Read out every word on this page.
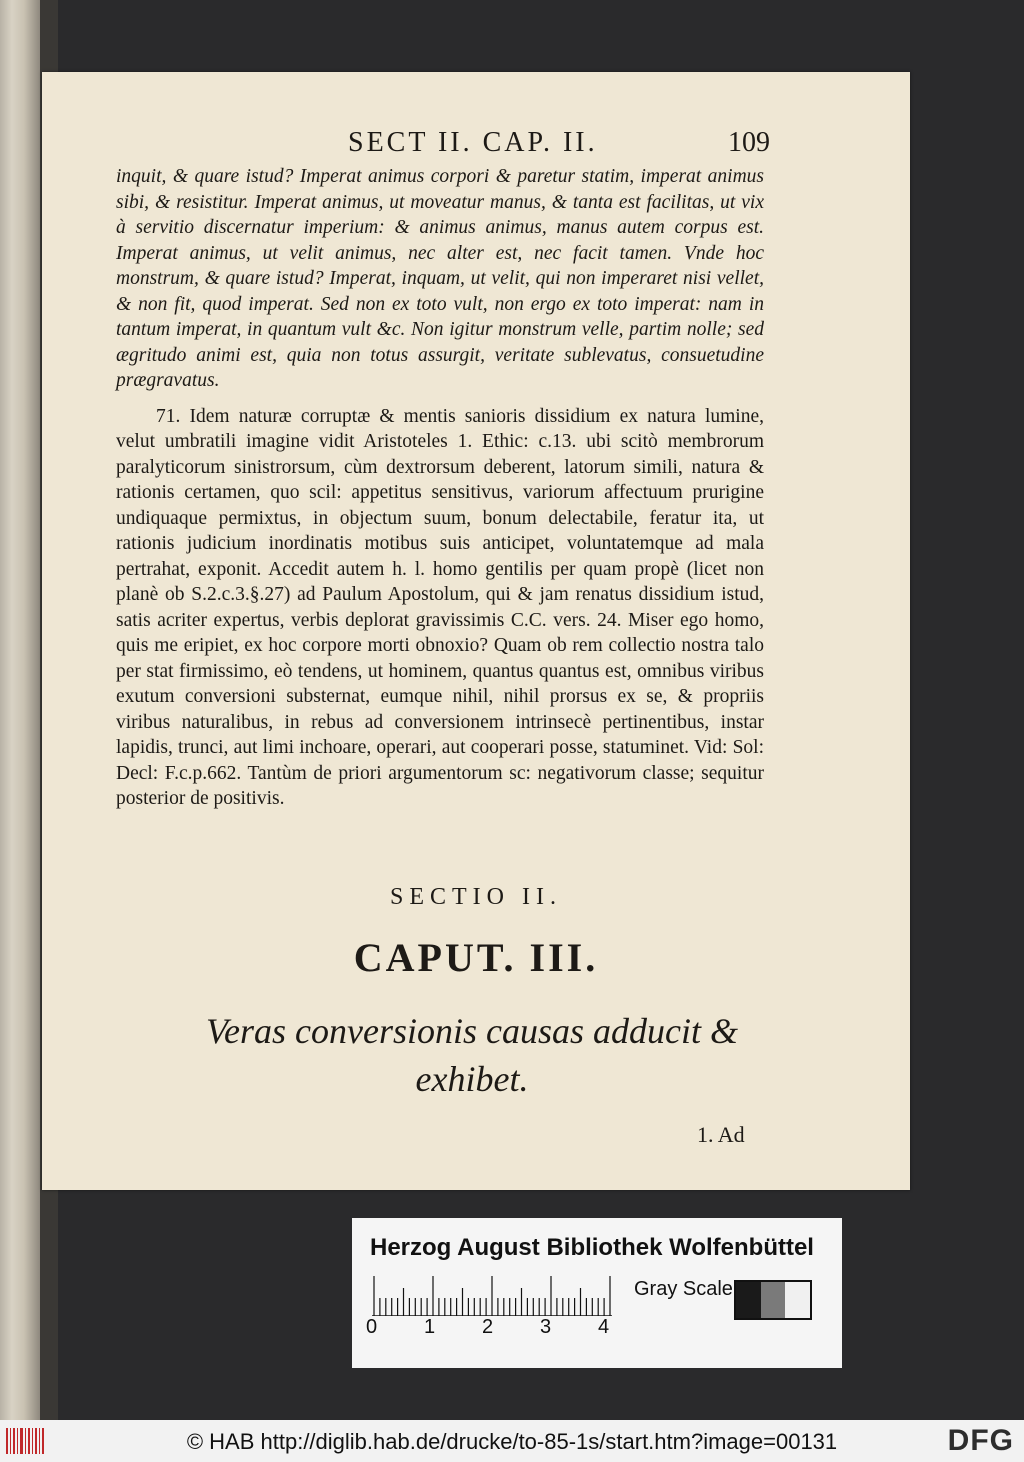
SECT II. CAP. II.	109

inquit, & quare istud? Imperat animus corpori & paretur statim, imperat animus sibi, & resistitur. Imperat animus, ut moveatur manus, & tanta est facilitas, ut vix à servitio discernatur imperium: & animus animus, manus autem corpus est. Imperat animus, ut velit animus, nec alter est, nec facit tamen. Vnde hoc monstrum, & quare istud? Imperat, inquam, ut velit, qui non imperaret nisi vellet, & non fit, quod imperat. Sed non ex toto vult, non ergo ex toto imperat: nam in tantum imperat, in quantum vult &c. Non igitur monstrum velle, partim nolle; sed ægritudo animi est, quia non totus assurgit, veritate sublevatus, consuetudine prægravatus.

71. Idem naturæ corruptæ & mentis sanioris dissidium ex natura lumine, velut umbratili imagine vidit Aristoteles 1. Ethic: c.13. ubi scitò membrorum paralyticorum sinistrorsum, cùm dextrorsum deberent, latorum simili, natura & rationis certamen, quo scil: appetitus sensitivus, variorum affectuum prurigine undiquaque permixtus, in objectum suum, bonum delectabile, feratur ita, ut rationis judicium inordinatis motibus suis anticipet, voluntatemque ad mala pertrahat, exponit. Accedit autem h. l. homo gentilis per quam propè (licet non planè ob S.2.c.3.§.27) ad Paulum Apostolum, qui & jam renatus dissidium istud, satis acriter expertus, verbis deplorat gravissimis C.C. vers. 24. Miser ego homo, quis me eripiet, ex hoc corpore morti obnoxio? Quam ob rem collectio nostra talo per stat firmissimo, eò tendens, ut hominem, quantus quantus est, omnibus viribus exutum conversioni substernat, eumque nihil, nihil prorsus ex se, & propriis viribus naturalibus, in rebus ad conversionem intrinsecè pertinentibus, instar lapidis, trunci, aut limi inchoare, operari, aut cooperari posse, statuminet. Vid: Sol: Decl: F.c.p.662. Tantùm de priori argumentorum sc: negativorum classe; sequitur posterior de positivis.

SECTIO II.
CAPUT. III.
Veras conversionis causas adducit &
exhibet.
1. Ad
Herzog August Bibliothek Wolfenbüttel
0 1 2 3 4
Gray Scale
© HAB http://diglib.hab.de/drucke/to-85-1s/start.htm?image=00131	DFG
